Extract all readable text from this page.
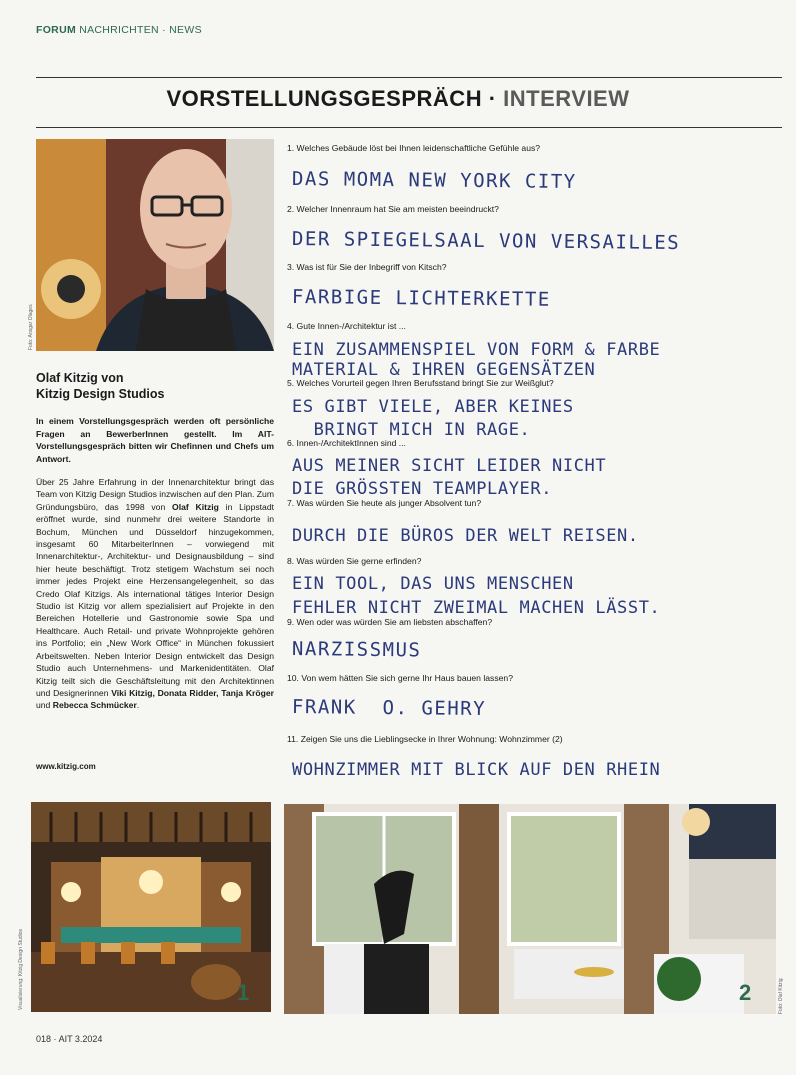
FORUM NACHRICHTEN · NEWS
VORSTELLUNGSGESPRÄCH · INTERVIEW
Foto: Ansgar Olages
Olaf Kitzig von
Kitzig Design Studios
In einem Vorstellungsgespräch werden oft persönliche Fragen an BewerberInnen gestellt. Im AIT-Vorstellungsgespräch bitten wir Chefinnen und Chefs um Antwort.
Über 25 Jahre Erfahrung in der Innenarchitektur bringt das Team von Kitzig Design Studios inzwischen auf den Plan. Zum Gründungsbüro, das 1998 von Olaf Kitzig in Lippstadt eröffnet wurde, sind nunmehr drei weitere Standorte in Bochum, München und Düsseldorf hinzugekommen, insgesamt 60 MitarbeiterInnen – vorwiegend mit Innenarchitektur-, Architektur- und Designausbildung – sind hier heute beschäftigt. Trotz stetigem Wachstum sei noch immer jedes Projekt eine Herzensangelegenheit, so das Credo Olaf Kitzigs. Als international tätiges Interior Design Studio ist Kitzig vor allem spezialisiert auf Projekte in den Bereichen Hotellerie und Gastronomie sowie Spa und Healthcare. Auch Retail- und private Wohnprojekte gehören ins Portfolio; ein „New Work Office“ in München fokussiert Arbeitswelten. Neben Interior Design entwickelt das Design Studio auch Unternehmens- und Markenidentitäten. Olaf Kitzig teilt sich die Geschäftsleitung mit den Architektinnen und Designerinnen Viki Kitzig, Donata Ridder, Tanja Kröger und Rebecca Schmücker.
www.kitzig.com
1. Welches Gebäude löst bei Ihnen leidenschaftliche Gefühle aus?
DAS MOMA NEW YORK CITY
2. Welcher Innenraum hat Sie am meisten beeindruckt?
DER SPIEGELSAAL VON VERSAILLES
3. Was ist für Sie der Inbegriff von Kitsch?
FARBIGE LICHTERKETTE
4. Gute Innen-/Architektur ist ...
EIN ZUSAMMENSPIEL VON FORM & FARBE
MATERIAL & IHREN GEGENSÄTZEN
5. Welches Vorurteil gegen Ihren Berufsstand bringt Sie zur Weißglut?
ES GIBT VIELE, ABER KEINES
BRINGT MICH IN RAGE.
6. Innen-/ArchitektInnen sind ...
AUS MEINER SICHT LEIDER NICHT
DIE GRÖSSTEN TEAMPLAYER.
7. Was würden Sie heute als junger Absolvent tun?
DURCH DIE BÜROS DER WELT REISEN.
8. Was würden Sie gerne erfinden?
EIN TOOL, DAS UNS MENSCHEN
FEHLER NICHT ZWEIMAL MACHEN LÄSST.
9. Wen oder was würden Sie am liebsten abschaffen?
NARZISSMUS
10. Von wem hätten Sie sich gerne Ihr Haus bauen lassen?
FRANK  O. GEHRY
11. Zeigen Sie uns die Lieblingsecke in Ihrer Wohnung: Wohnzimmer (2)
WOHNZIMMER MIT BLICK AUF DEN RHEIN
1
Visualisierung: Kitzig Design Studios	2	Foto: Olaf Kitzig
018 · AIT 3.2024
